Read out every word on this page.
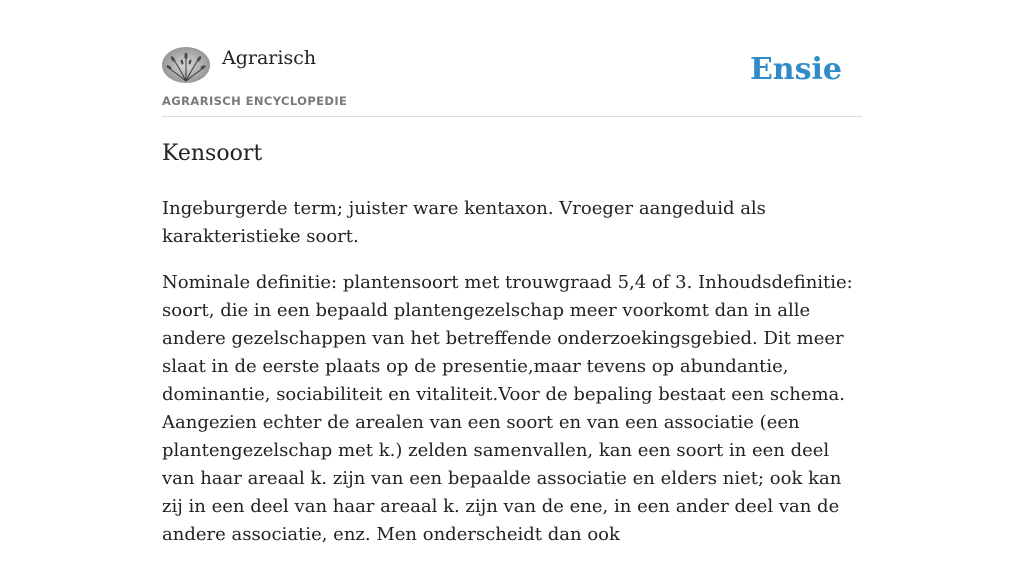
Agrarisch
AGRARISCH ENCYCLOPEDIE
Ensie
Kensoort

Ingeburgerde term; juister ware kentaxon. Vroeger aangeduid als karakteristieke soort.

Nominale definitie: plantensoort met trouwgraad 5,4 of 3. Inhoudsdefinitie: soort, die in een bepaald plantengezelschap meer voorkomt dan in alle andere gezelschappen van het betreffende onderzoekingsgebied. Dit meer slaat in de eerste plaats op de presentie,maar tevens op abundantie, dominantie, sociabiliteit en vitaliteit.Voor de bepaling bestaat een schema. Aangezien echter de arealen van een soort en van een associatie (een plantengezelschap met k.) zelden samenvallen, kan een soort in een deel van haar areaal k. zijn van een bepaalde associatie en elders niet; ook kan zij in een deel van haar areaal k. zijn van de ene, in een ander deel van de andere associatie, enz. Men onderscheidt dan ook
